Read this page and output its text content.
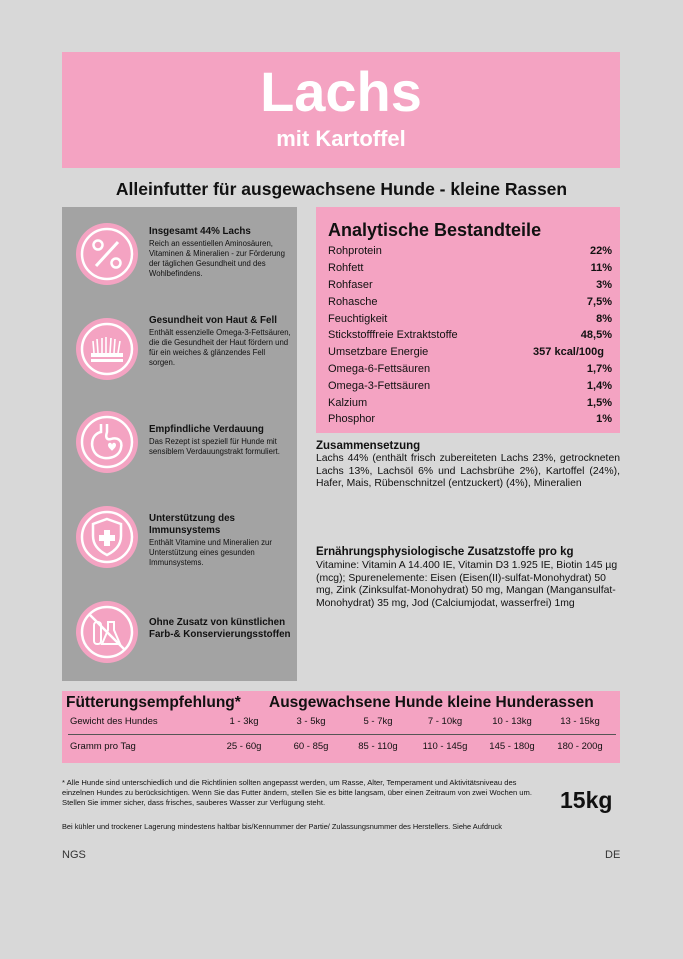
Lachs
mit Kartoffel
Alleinfutter für ausgewachsene Hunde - kleine Rassen
Insgesamt 44% Lachs
Reich an essentiellen Aminosäuren, Vitaminen & Mineralien - zur Förderung der täglichen Gesundheit und des Wohlbefindens.
Gesundheit von Haut & Fell
Enthält essenzielle Omega-3-Fettsäuren, die die Gesundheit der Haut fördern und für ein weiches & glänzendes Fell sorgen.
Empfindliche Verdauung
Das Rezept ist speziell für Hunde mit sensiblem Verdauungstrakt formuliert.
Unterstützung des Immunsystems
Enthält Vitamine und Mineralien zur Unterstützung eines gesunden Immunsystems.
Ohne Zusatz von künstlichen Farb-& Konservierungsstoffen
Analytische Bestandteile
Rohprotein	22%
Rohfett	11%
Rohfaser	3%
Rohasche	7,5%
Feuchtigkeit	8%
Stickstofffreie Extraktstoffe	48,5%
Umsetzbare Energie	357 kcal/100g
Omega-6-Fettsäuren	1,7%
Omega-3-Fettsäuren	1,4%
Kalzium	1,5%
Phosphor	1%
Zusammensetzung
Lachs 44% (enthält frisch zubereiteten Lachs 23%, getrockneten Lachs 13%, Lachsöl 6% und Lachsbrühe 2%), Kartoffel (24%), Hafer, Mais, Rübenschnitzel (entzuckert) (4%), Mineralien
Ernährungsphysiologische Zusatzstoffe pro kg
Vitamine: Vitamin A 14.400 IE, Vitamin D3 1.925 IE, Biotin 145 µg (mcg); Spurenelemente: Eisen (Eisen(II)-sulfat-Monohydrat) 50 mg, Zink (Zinksulfat-Monohydrat) 50 mg, Mangan (Mangansulfat-Monohydrat) 35 mg, Jod (Calciumjodat, wasserfrei) 1mg
Fütterungsempfehlung* Ausgewachsene Hunde kleine Hunderassen
Gewicht des Hundes	1 - 3kg	3 - 5kg	5 - 7kg	7 - 10kg	10 - 13kg	13 - 15kg
Gramm pro Tag	25 - 60g	60 - 85g	85 - 110g	110 - 145g	145 - 180g	180 - 200g
* Alle Hunde sind unterschiedlich und die Richtlinien sollten angepasst werden, um Rasse, Alter, Temperament und Aktivitätsniveau des einzelnen Hundes zu berücksichtigen. Wenn Sie das Futter ändern, stellen Sie es bitte langsam, über einen Zeitraum von zwei Wochen um. Stellen Sie immer sicher, dass frisches, sauberes Wasser zur Verfügung steht.	15kg
Bei kühler und trockener Lagerung mindestens haltbar bis/Kennummer der Partie/ Zulassungsnummer des Herstellers. Siehe Aufdruck
NGS	DE
